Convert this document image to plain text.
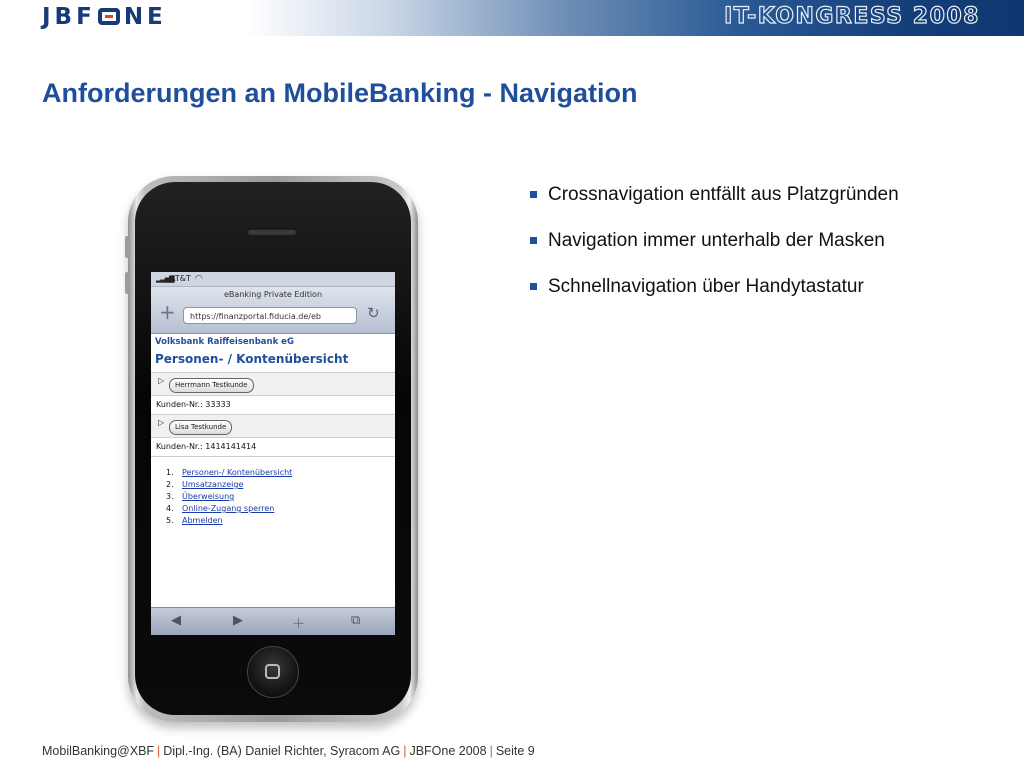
JBF NE	IT-KONGRESS 2008
Anforderungen an MobileBanking - Navigation
Crossnavigation entfällt aus Platzgründen
Navigation immer unterhalb der Masken
Schnellnavigation über Handytastatur
▂▃▅▇AT&T ◠
eBanking Private Edition
+	https://finanzportal.fiducia.de/eb	↻
Volksbank Raiffeisenbank eG
Personen- / Kontenübersicht
▷	Herrmann Testkunde
Kunden-Nr.: 33333
▷	Lisa Testkunde
Kunden-Nr.: 1414141414
1. Personen-/ Kontenübersicht
2. Umsatzanzeige
3. Überweisung
4. Online-Zugang sperren
5. Abmelden
◀	▶	＋	⧉
MobilBanking@XBF | Dipl.-Ing. (BA) Daniel Richter, Syracom AG | JBFOne 2008 | Seite 9
